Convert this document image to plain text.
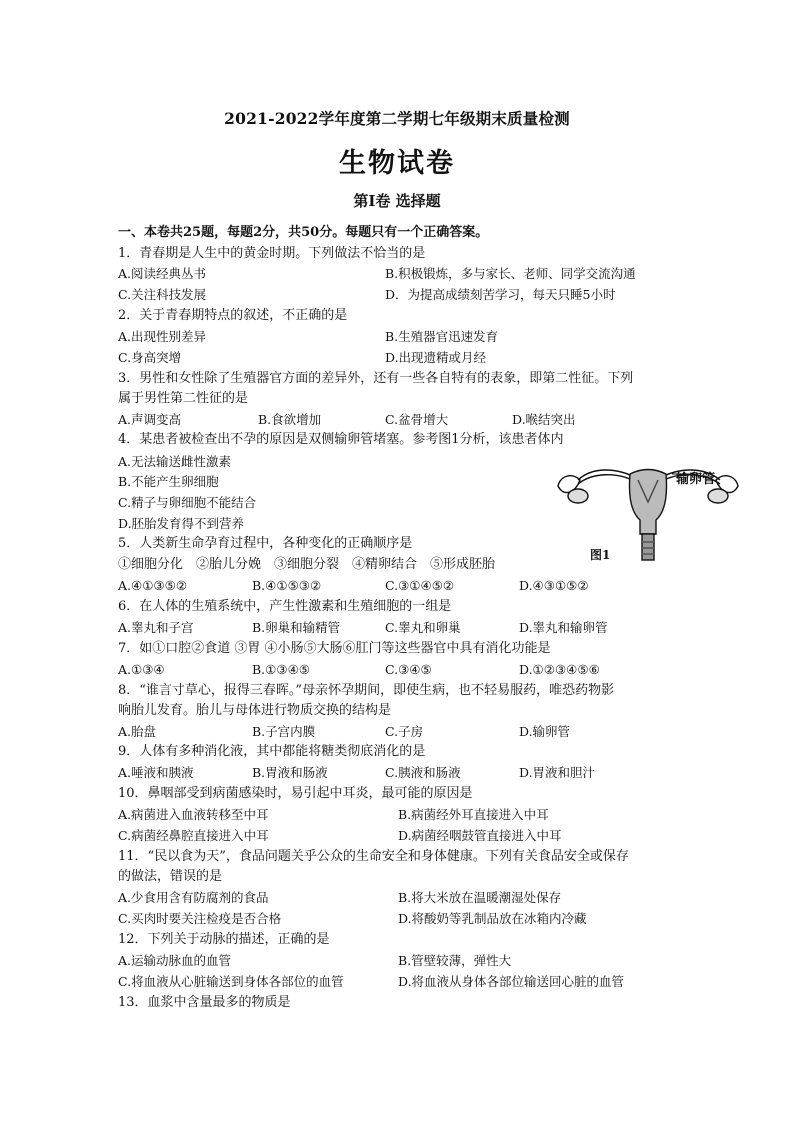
2021-2022学年度第二学期七年级期末质量检测
生物试卷
第Ⅰ卷 选择题
一、本卷共25题，每题2分，共50分。每题只有一个正确答案。
1．青春期是人生中的黄金时期。下列做法不恰当的是
A.阅读经典丛书	B.积极锻炼，多与家长、老师、同学交流沟通
C.关注科技发展	D．为提高成绩刻苦学习，每天只睡5小时
2．关于青春期特点的叙述，不正确的是
A.出现性别差异	B.生殖器官迅速发育
C.身高突增	D.出现遗精或月经
3．男性和女性除了生殖器官方面的差异外，还有一些各自特有的表象，即第二性征。下列
属于男性第二性征的是
A.声调变高	B.食欲增加	C.盆骨增大	D.喉结突出
4．某患者被检查出不孕的原因是双侧输卵管堵塞。参考图1分析，该患者体内
A.无法输送雌性激素
B.不能产生卵细胞
C.精子与卵细胞不能结合
D.胚胎发育得不到营养
输卵管
图1
5．人类新生命孕育过程中，各种变化的正确顺序是
①细胞分化　②胎儿分娩　③细胞分裂　④精卵结合　⑤形成胚胎
A.④①③⑤②	B.④①⑤③②	C.③①④⑤②	D.④③①⑤②
6．在人体的生殖系统中，产生性激素和生殖细胞的一组是
A.睾丸和子宫	B.卵巢和输精管	C.睾丸和卵巢	D.睾丸和输卵管
7．如①口腔②食道 ③胃 ④小肠⑤大肠⑥肛门等这些器官中具有消化功能是
A.①③④	B.①③④⑤	C.③④⑤	D.①②③④⑤⑥
8．“谁言寸草心，报得三春晖。”母亲怀孕期间，即使生病，也不轻易服药，唯恐药物影
响胎儿发育。胎儿与母体进行物质交换的结构是
A.胎盘	B.子宫内膜	C.子房	D.输卵管
9．人体有多种消化液，其中都能将糖类彻底消化的是
A.唾液和胰液	B.胃液和肠液	C.胰液和肠液	D.胃液和胆汁
10．鼻咽部受到病菌感染时，易引起中耳炎，最可能的原因是
A.病菌进入血液转移至中耳	B.病菌经外耳直接进入中耳
C.病菌经鼻腔直接进入中耳	D.病菌经咽鼓管直接进入中耳
11．“民以食为天”，食品问题关乎公众的生命安全和身体健康。下列有关食品安全或保存
的做法，错误的是
A.少食用含有防腐剂的食品	B.将大米放在温暖潮湿处保存
C.买肉时要关注检疫是否合格	D.将酸奶等乳制品放在冰箱内冷藏
12．下列关于动脉的描述，正确的是
A.运输动脉血的血管	B.管壁较薄，弹性大
C.将血液从心脏输送到身体各部位的血管	D.将血液从身体各部位输送回心脏的血管
13．血浆中含量最多的物质是
